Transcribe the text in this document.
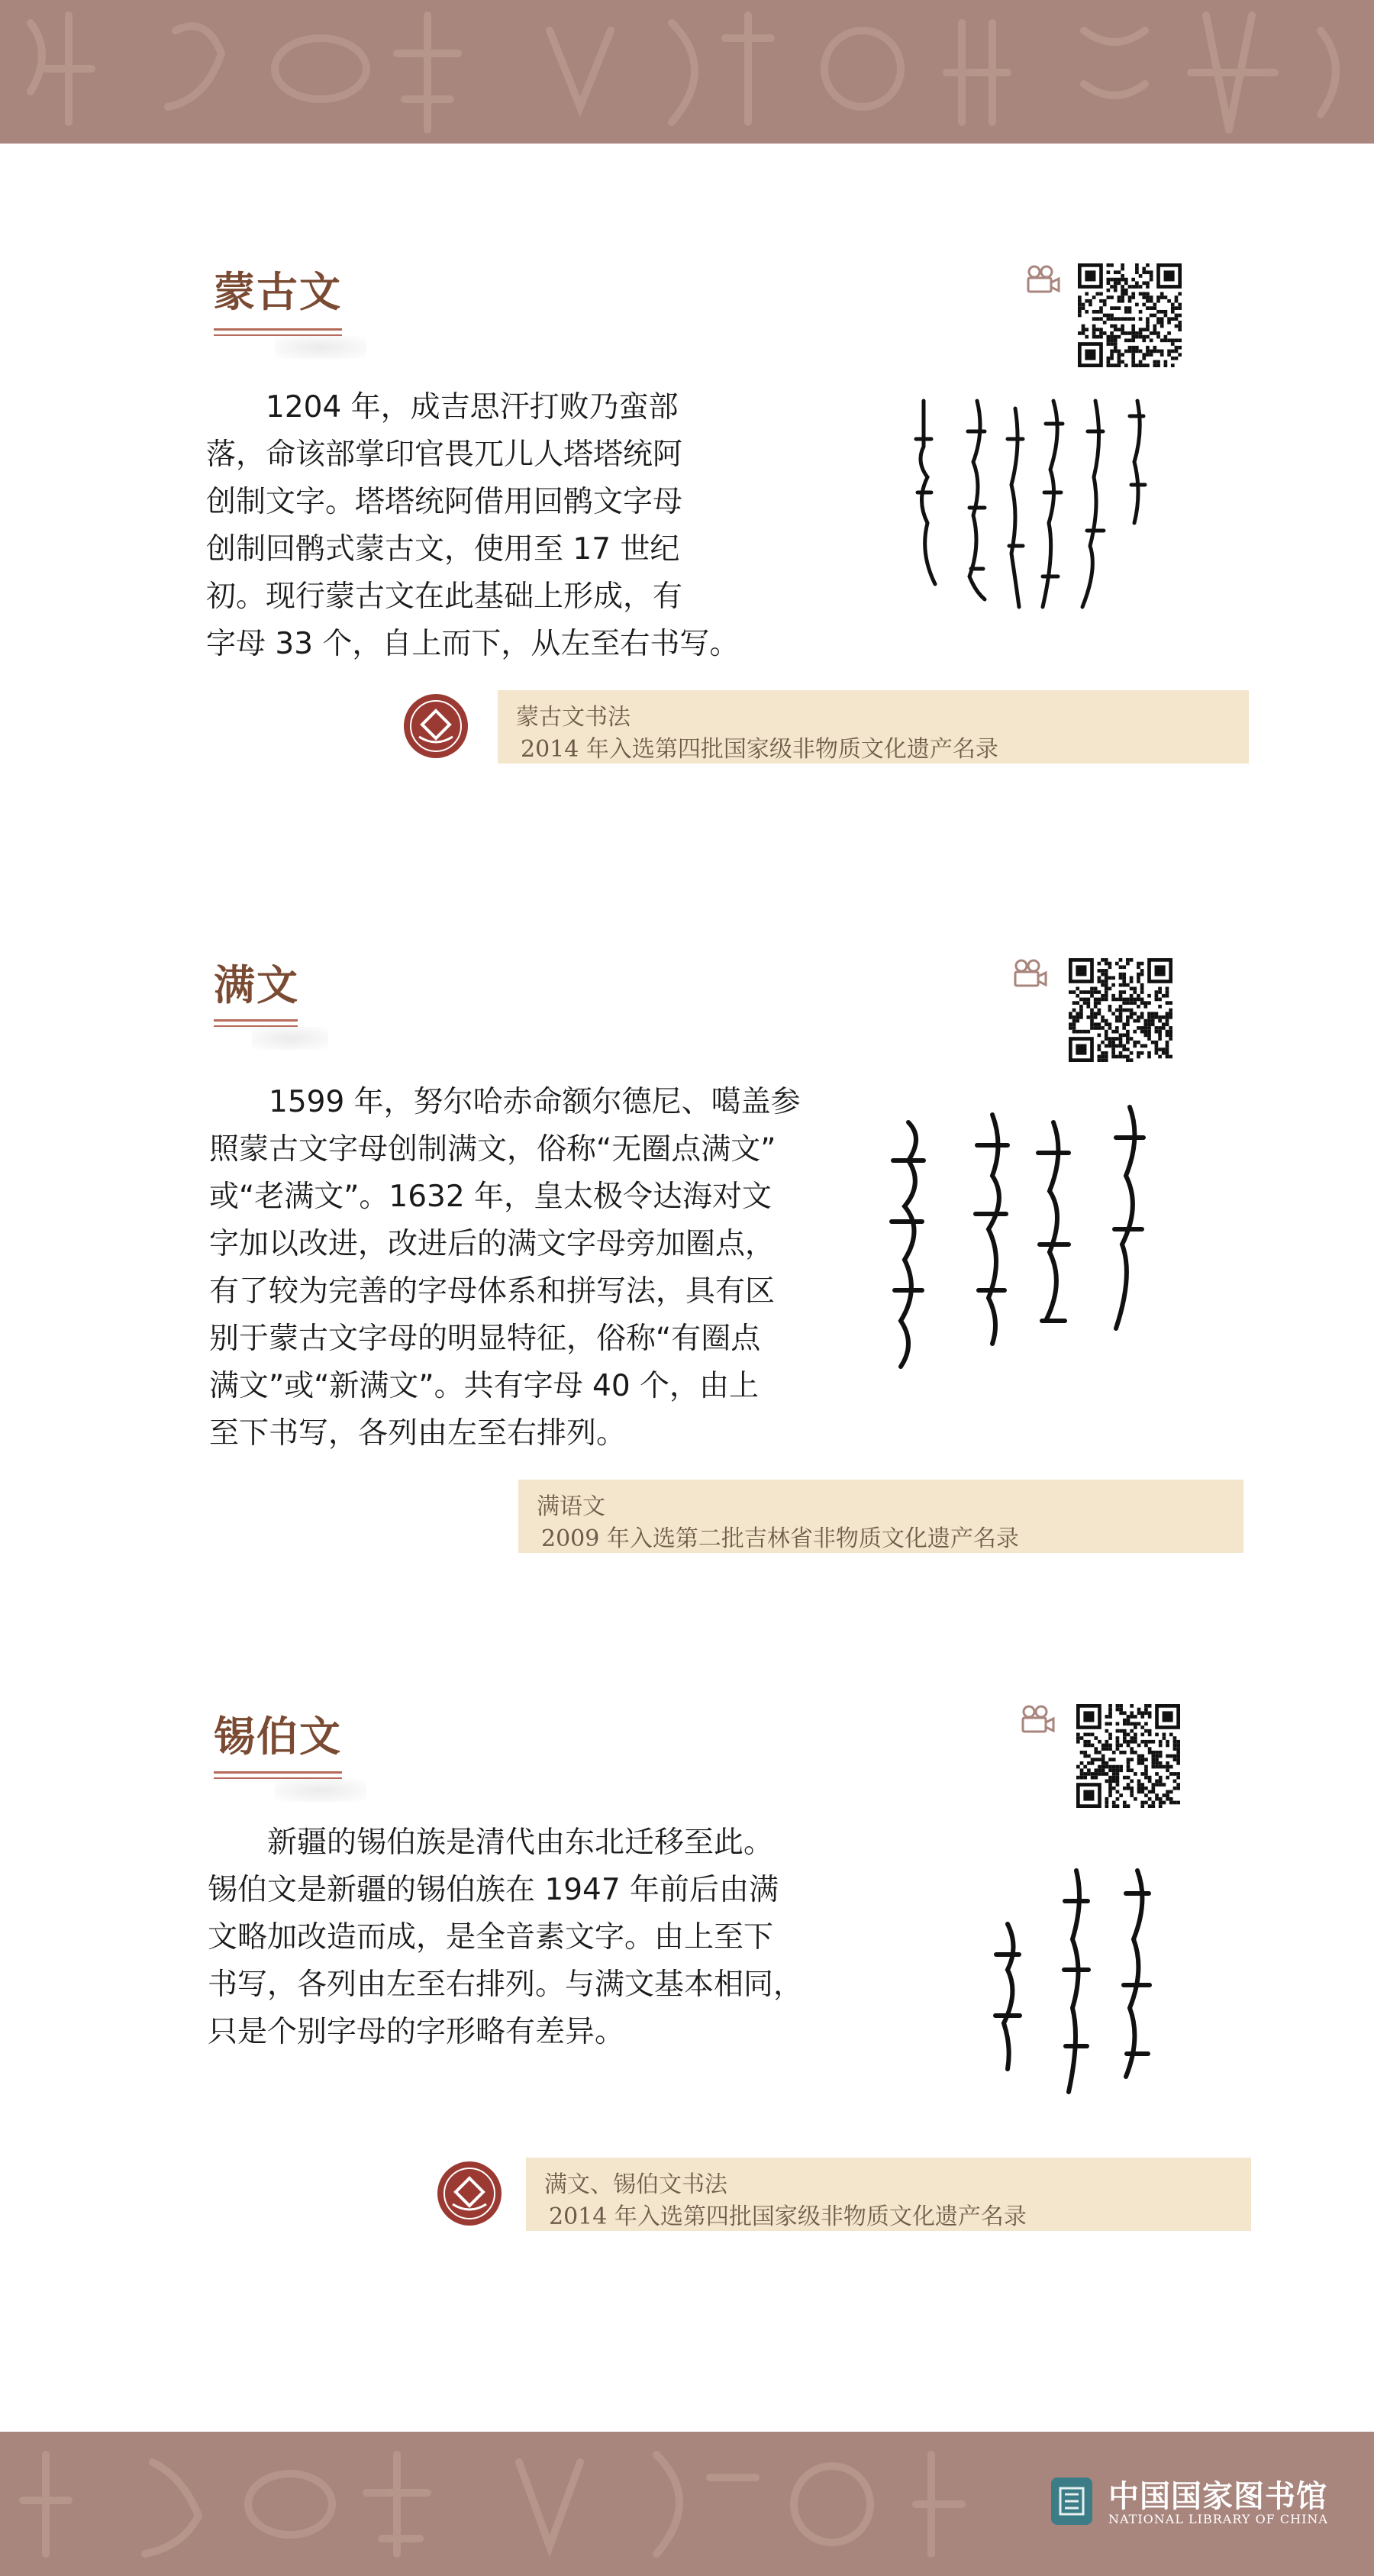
蒙古文
1204 年，成吉思汗打败乃蛮部
落，命该部掌印官畏兀儿人塔塔统阿
创制文字。塔塔统阿借用回鹘文字母
创制回鹘式蒙古文，使用至 17 世纪
初。现行蒙古文在此基础上形成，有
字母 33 个，自上而下，从左至右书写。
蒙古文书法
2014 年入选第四批国家级非物质文化遗产名录
满文
1599 年，努尔哈赤命额尔德尼、噶盖参
照蒙古文字母创制满文，俗称“无圈点满文”
或“老满文”。1632 年，皇太极令达海对文
字加以改进，改进后的满文字母旁加圈点，
有了较为完善的字母体系和拼写法，具有区
别于蒙古文字母的明显特征，俗称“有圈点
满文”或“新满文”。共有字母 40 个，由上
至下书写，各列由左至右排列。
满语文
2009 年入选第二批吉林省非物质文化遗产名录
锡伯文
新疆的锡伯族是清代由东北迁移至此。
锡伯文是新疆的锡伯族在 1947 年前后由满
文略加改造而成，是全音素文字。由上至下
书写，各列由左至右排列。与满文基本相同，
只是个别字母的字形略有差异。
满文、锡伯文书法
2014 年入选第四批国家级非物质文化遗产名录
中国国家图书馆
NATIONAL LIBRARY OF CHINA
